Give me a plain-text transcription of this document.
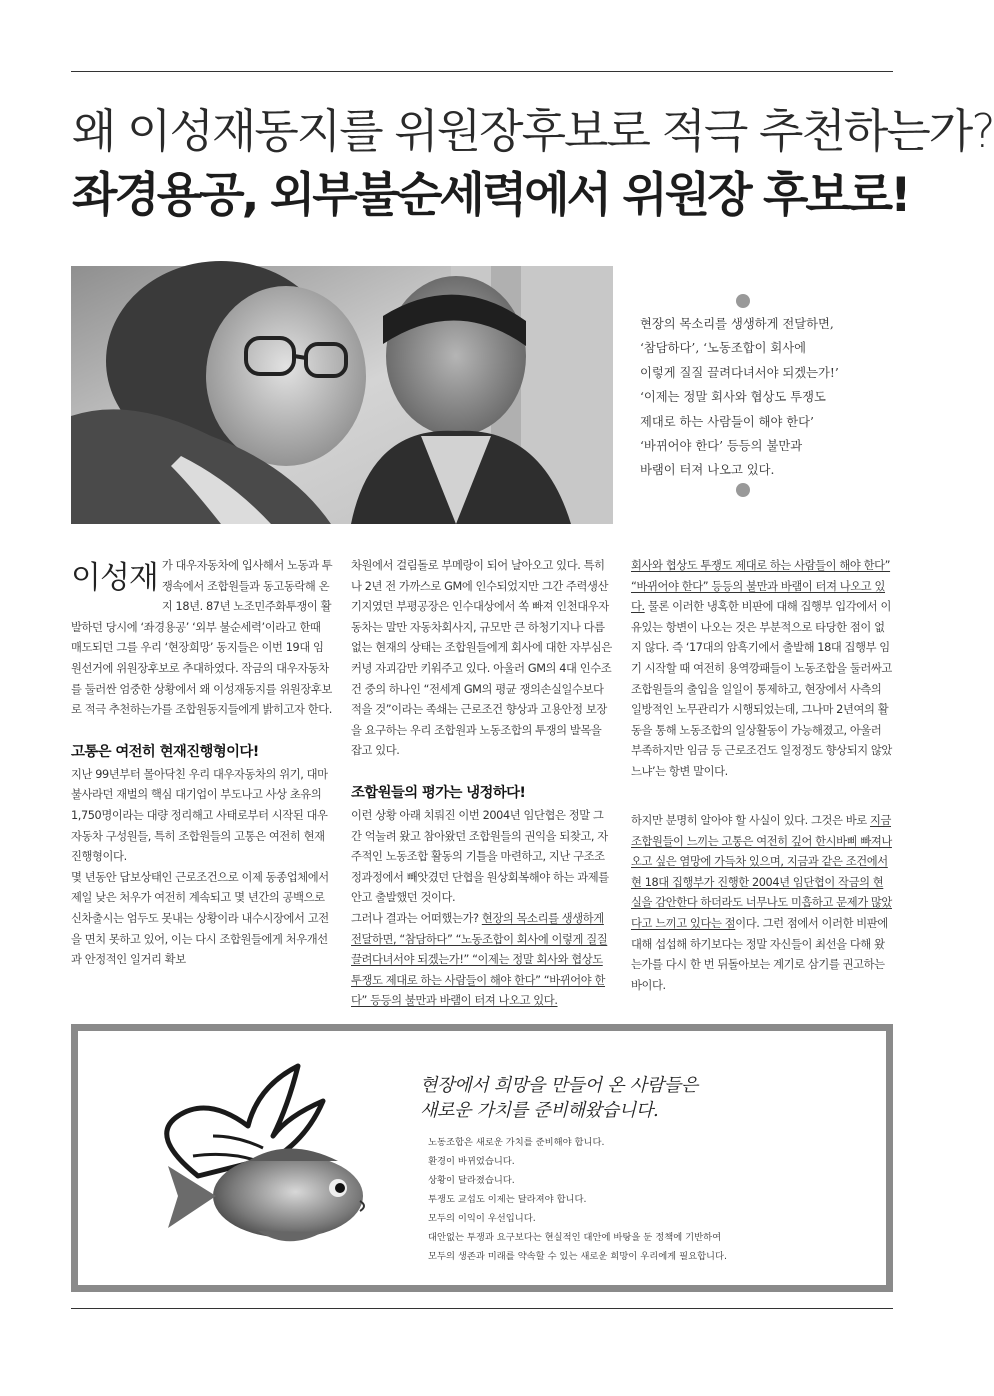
왜 이성재동지를 위원장후보로 적극 추천하는가?
좌경용공, 외부불순세력에서 위원장 후보로!
현장의 목소리를 생생하게 전달하면,
‘참담하다’, ‘노동조합이 회사에
이렇게 질질 끌려다녀서야 되겠는가!’
‘이제는 정말 회사와 협상도 투쟁도
제대로 하는 사람들이 해야 한다’
‘바뀌어야 한다’ 등등의 불만과
바램이 터져 나오고 있다.

이성재 가 대우자동차에 입사해서 노동과 투쟁속에서 조합원들과 동고동락해 온 지 18년. 87년 노조민주화투쟁이 활발하던 당시에 ‘좌경용공’ ‘외부 불순세력’이라고 한때 매도되던 그를 우리 ‘현장희망’ 동지들은 이번 19대 임원선거에 위원장후보로 추대하였다. 작금의 대우자동차를 둘러싼 엄중한 상황에서 왜 이성재동지를 위원장후보로 적극 추천하는가를 조합원동지들에게 밝히고자 한다.

고통은 여전히 현재진행형이다!

지난 99년부터 몰아닥친 우리 대우자동차의 위기, 대마불사라던 재벌의 핵심 대기업이 부도나고 사상 초유의 1,750명이라는 대량 정리해고 사태로부터 시작된 대우자동차 구성원들, 특히 조합원들의 고통은 여전히 현재진행형이다.

몇 년동안 답보상태인 근로조건으로 이제 동종업체에서 제일 낮은 처우가 여전히 계속되고 몇 년간의 공백으로 신차출시는 엄두도 못내는 상황이라 내수시장에서 고전을 면치 못하고 있어, 이는 다시 조합원들에게 처우개선과 안정적인 일거리 확보

차원에서 걸림돌로 부메랑이 되어 날아오고 있다. 특히나 2년 전 가까스로 GM에 인수되었지만 그간 주력생산기지였던 부평공장은 인수대상에서 쏙 빠져 인천대우자동차는 말만 자동차회사지, 규모만 큰 하청기지나 다름없는 현재의 상태는 조합원들에게 회사에 대한 자부심은커녕 자괴감만 키워주고 있다. 아울러 GM의 4대 인수조건 중의 하나인 “전세계 GM의 평균 쟁의손실일수보다 적을 것”이라는 족쇄는 근로조건 향상과 고용안정 보장을 요구하는 우리 조합원과 노동조합의 투쟁의 발목을 잡고 있다.

조합원들의 평가는 냉정하다!

이런 상황 아래 치뤄진 이번 2004년 임단협은 정말 그간 억눌려 왔고 참아왔던 조합원들의 권익을 되찾고, 자주적인 노동조합 활동의 기틀을 마련하고, 지난 구조조정과정에서 빼앗겼던 단협을 원상회복해야 하는 과제를 안고 출발했던 것이다.

그러나 결과는 어떠했는가? 현장의 목소리를 생생하게 전달하면, “참담하다” “노동조합이 회사에 이렇게 질질 끌려다녀서야 되겠는가!” “이제는 정말 회사와 협상도 투쟁도 제대로 하는 사람들이 해야 한다” “바뀌어야 한다” 등등의 불만과 바램이 터져 나오고 있다.

회사와 협상도 투쟁도 제대로 하는 사람들이 해야 한다” “바뀌어야 한다” 등등의 불만과 바램이 터져 나오고 있다. 물론 이러한 냉혹한 비판에 대해 집행부 입각에서 이유있는 항변이 나오는 것은 부분적으로 타당한 점이 없지 않다. 즉 ‘17대의 암흑기에서 출발해 18대 집행부 임기 시작할 때 여전히 용역깡패들이 노동조합을 둘러싸고 조합원들의 출입을 일일이 통제하고, 현장에서 사측의 일방적인 노무관리가 시행되었는데, 그나마 2년여의 활동을 통해 노동조합의 일상활동이 가능해졌고, 아울러 부족하지만 임금 등 근로조건도 일정정도 향상되지 않았느냐’는 항변 말이다.

하지만 분명히 알아야 할 사실이 있다. 그것은 바로 지금 조합원들이 느끼는 고통은 여전히 깊어 한시바삐 빠져나오고 싶은 염망에 가득차 있으며, 지금과 같은 조건에서 현 18대 집행부가 진행한 2004년 임단협이 작금의 현실을 감안한다 하더라도 너무나도 미흡하고 문제가 많았다고 느끼고 있다는 점이다. 그런 점에서 이러한 비판에 대해 섭섭해 하기보다는 정말 자신들이 최선을 다해 왔는가를 다시 한 번 뒤돌아보는 계기로 삼기를 권고하는 바이다.

현장에서 희망을 만들어 온 사람들은
새로운 가치를 준비해왔습니다.
노동조합은 새로운 가치를 준비해야 합니다.
환경이 바뀌었습니다.
상황이 달라졌습니다.
투쟁도 교섭도 이제는 달라져야 합니다.
모두의 이익이 우선입니다.
대안없는 투쟁과 요구보다는 현실적인 대안에 바탕을 둔 정책에 기반하여
모두의 생존과 미래를 약속할 수 있는 새로운 희망이 우리에게 필요합니다.
